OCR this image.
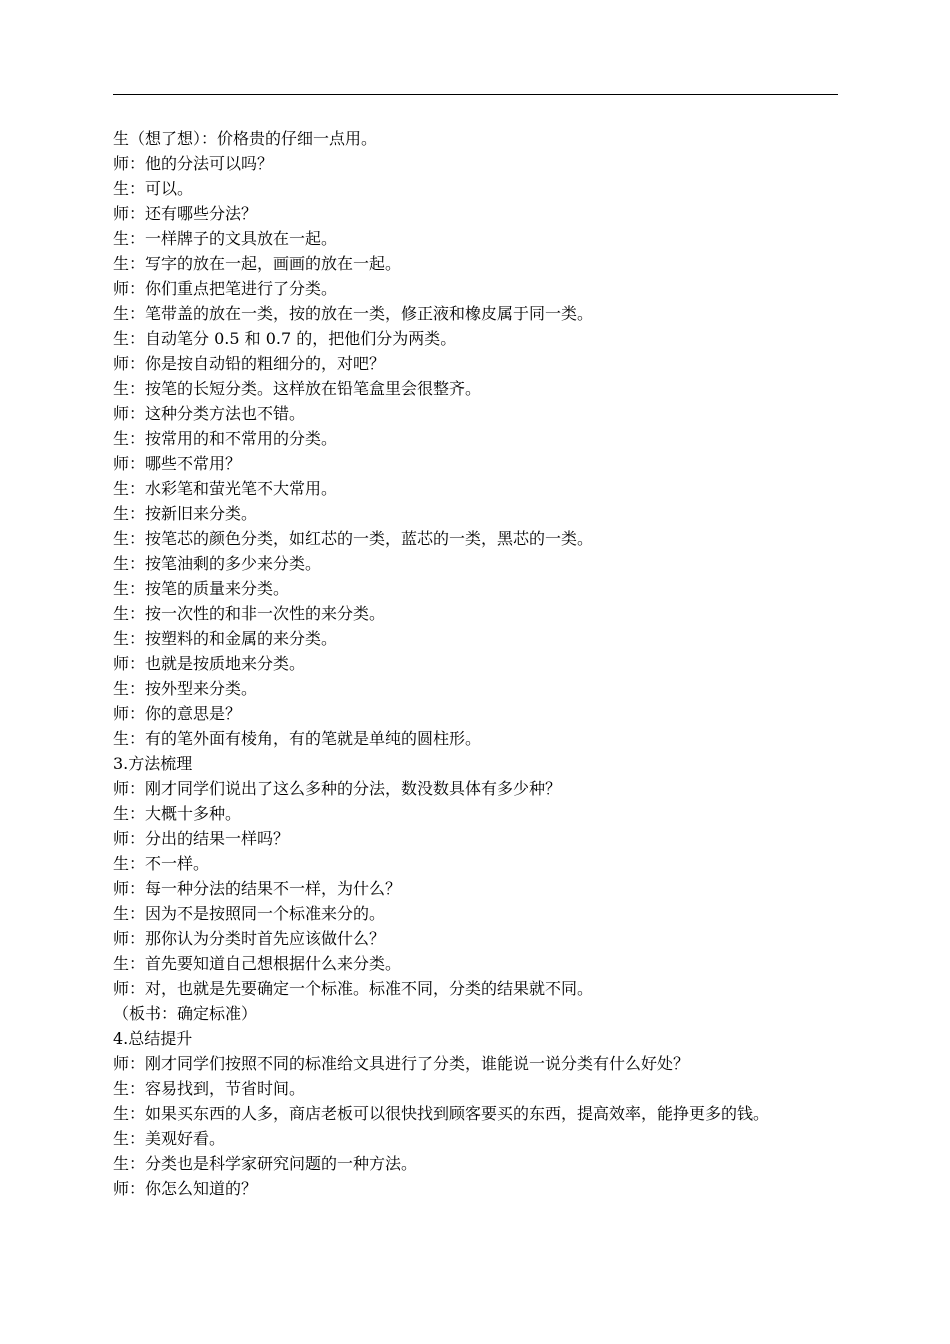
生（想了想）：价格贵的仔细一点用。
师：他的分法可以吗？
生：可以。
师：还有哪些分法？
生：一样牌子的文具放在一起。
生：写字的放在一起，画画的放在一起。
师：你们重点把笔进行了分类。
生：笔带盖的放在一类，按的放在一类，修正液和橡皮属于同一类。
生：自动笔分 0.5 和 0.7 的，把他们分为两类。
师：你是按自动铅的粗细分的，对吧？
生：按笔的长短分类。这样放在铅笔盒里会很整齐。
师：这种分类方法也不错。
生：按常用的和不常用的分类。
师：哪些不常用？
生：水彩笔和萤光笔不大常用。
生：按新旧来分类。
生：按笔芯的颜色分类，如红芯的一类，蓝芯的一类，黑芯的一类。
生：按笔油剩的多少来分类。
生：按笔的质量来分类。
生：按一次性的和非一次性的来分类。
生：按塑料的和金属的来分类。
师：也就是按质地来分类。
生：按外型来分类。
师：你的意思是？
生：有的笔外面有棱角，有的笔就是单纯的圆柱形。
3.方法梳理
师：刚才同学们说出了这么多种的分法，数没数具体有多少种？
生：大概十多种。
师：分出的结果一样吗？
生：不一样。
师：每一种分法的结果不一样，为什么？
生：因为不是按照同一个标准来分的。
师：那你认为分类时首先应该做什么？
生：首先要知道自己想根据什么来分类。
师：对，也就是先要确定一个标准。标准不同，分类的结果就不同。
（板书：确定标准）
4.总结提升
师：刚才同学们按照不同的标准给文具进行了分类，谁能说一说分类有什么好处？
生：容易找到，节省时间。
生：如果买东西的人多，商店老板可以很快找到顾客要买的东西，提高效率，能挣更多的钱。
生：美观好看。
生：分类也是科学家研究问题的一种方法。
师：你怎么知道的？
